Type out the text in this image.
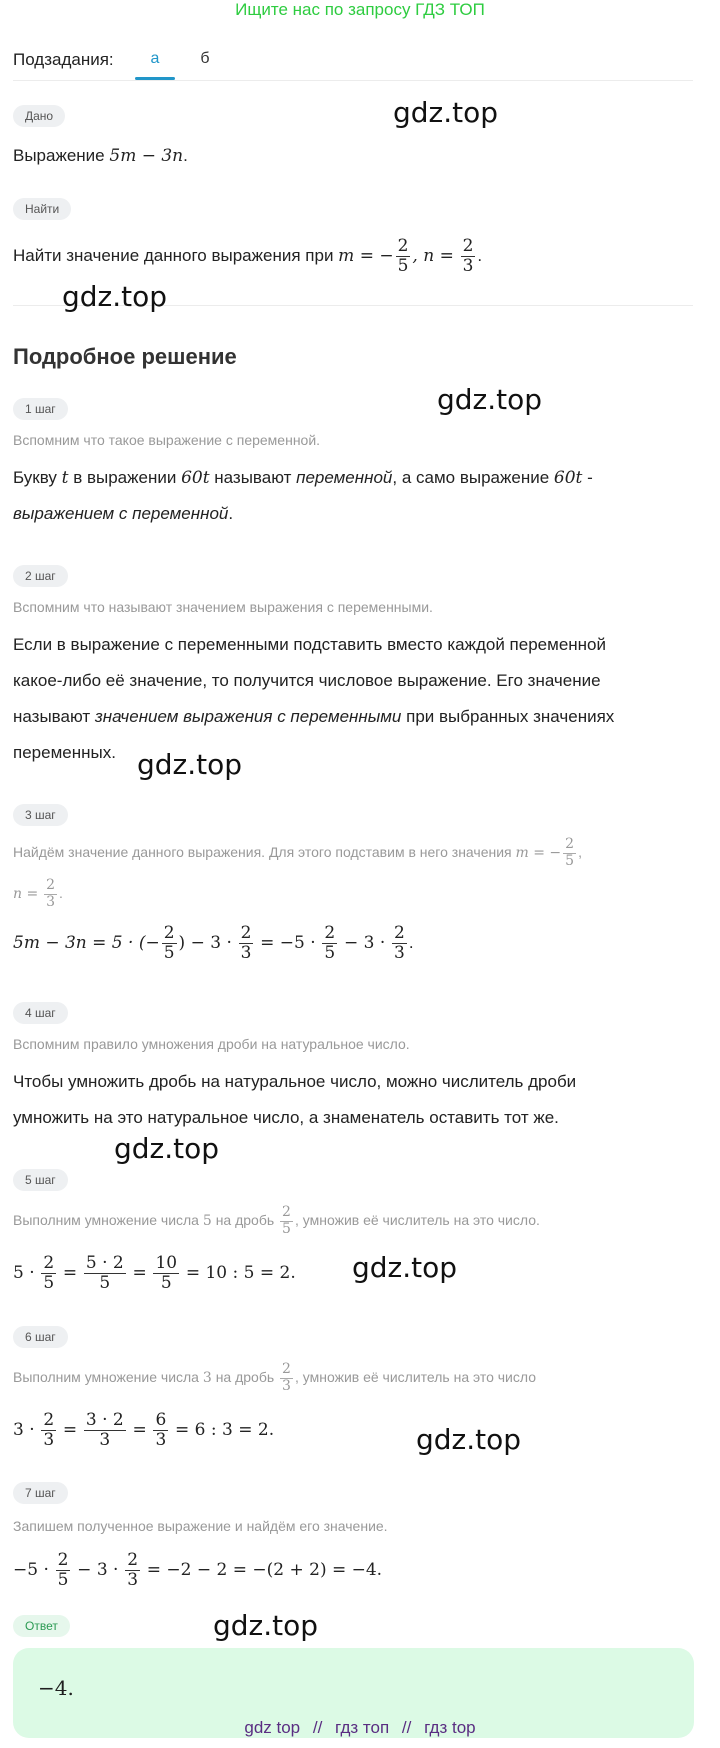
Ищите нас по запросу ГДЗ ТОП
Подзадания:	а	б
Дано
Выражение 5m − 3n.
Найти
Найти значение данного выражения при m = − $\frac{2}{5}$ , $n = \frac{2}{3}$ .
Подробное решение
1 шаг
Вспомним что такое выражение с переменной.
Букву t в выражении 60t называют переменной, а само выражение 60t -
выражением с переменной.
2 шаг
Вспомним что называют значением выражения с переменными.
Если в выражение с переменными подставить вместо каждой переменной
какое-либо её значение, то получится числовое выражение. Его значение
называют значением выражения с переменными при выбранных значениях
переменных.
3 шаг
Найдём значение данного выражения. Для этого подставим в него значения m = − $\frac{2}{5}$ ,
$n = \frac{2}{3}$ .
5m − 3n = 5 · (− $\frac{2}{5}$ ) − $3 \cdot \frac{2}{3} = -5 \cdot \frac{2}{5} - 3 \cdot \frac{2}{3}$ .
4 шаг
Вспомним правило умножения дроби на натуральное число.
Чтобы умножить дробь на натуральное число, можно числитель дроби
умножить на это натуральное число, а знаменатель оставить тот же.
5 шаг
Выполним умножение числа 5 на дробь $\frac{2}{5}$ , умножив её числитель на это число.
$5 \cdot \frac{2}{5} = \frac{5 \cdot 2}{5} = \frac{10}{5} = 10$ : 5 = 2.
6 шаг
Выполним умножение числа 3 на дробь $\frac{2}{3}$ , умножив её числитель на это число
$3 \cdot \frac{2}{3} = \frac{3 \cdot 2}{3} = \frac{6}{3} = 6$ : 3 = 2.
7 шаг
Запишем полученное выражение и найдём его значение.
$-5 \cdot \frac{2}{5} - 3 \cdot \frac{2}{3} = -2 - 2 = -(2 + 2) = -4$.
Ответ
−4.
gdz.top
gdz.top
gdz.top
gdz.top
gdz.top
gdz.top
gdz.top
gdz.top
gdz top // гдз топ // гдз top
